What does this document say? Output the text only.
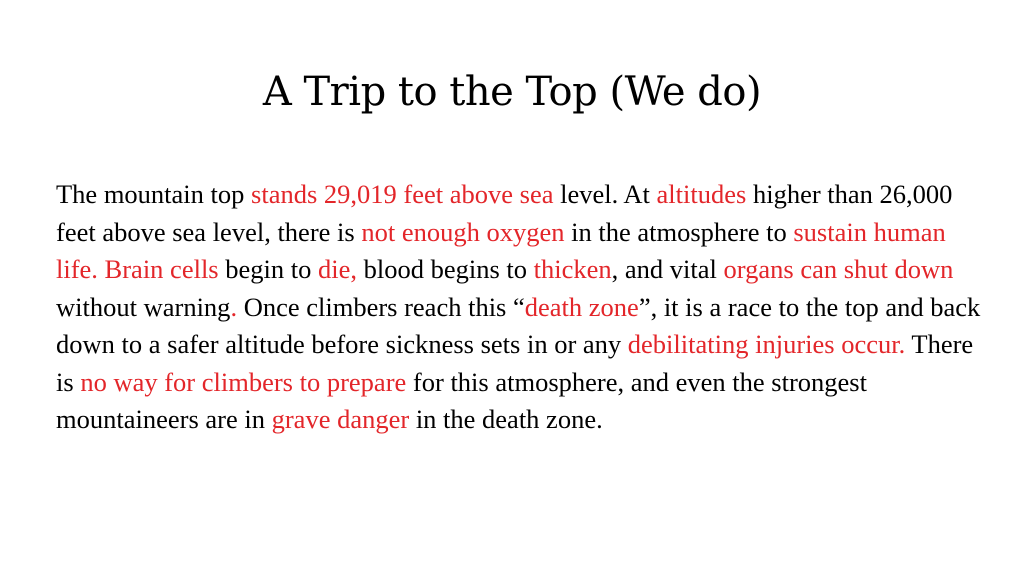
A Trip to the Top (We do)
The mountain top stands 29,019 feet above sea level. At altitudes higher than 26,000 feet above sea level, there is not enough oxygen in the atmosphere to sustain human life. Brain cells begin to die, blood begins to thicken, and vital organs can shut down without warning. Once climbers reach this “death zone”, it is a race to the top and back down to a safer altitude before sickness sets in or any debilitating injuries occur. There is no way for climbers to prepare for this atmosphere, and even the strongest mountaineers are in grave danger in the death zone.
